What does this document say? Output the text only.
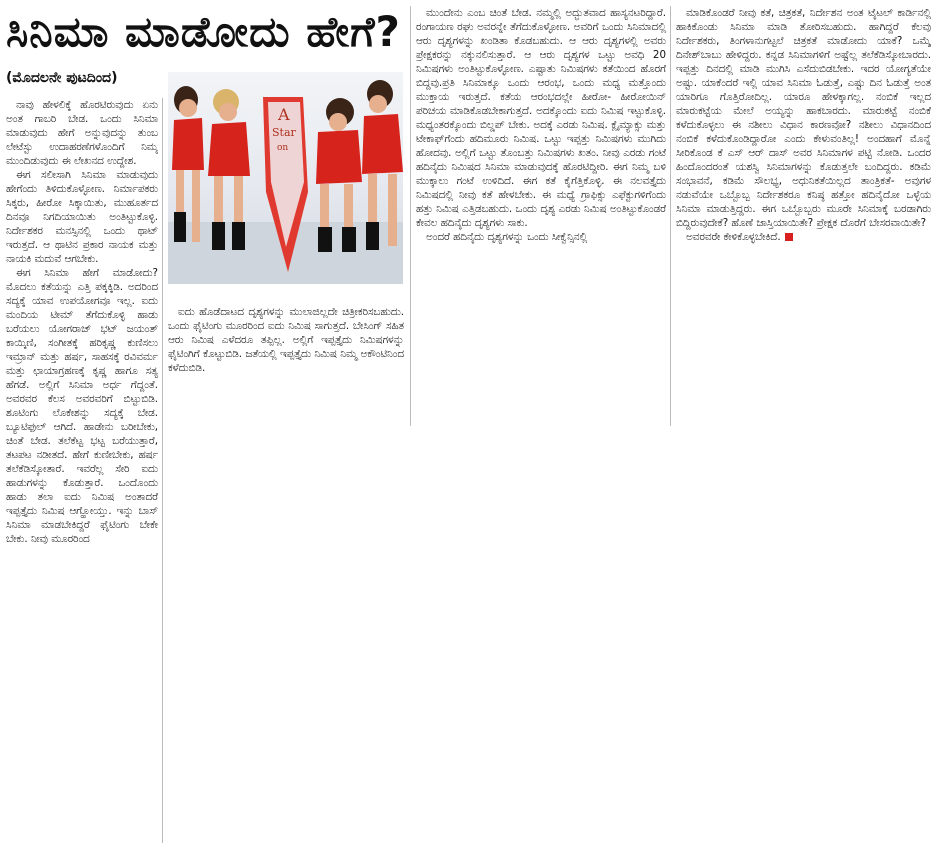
ಸಿನಿಮಾ ಮಾಡೋದು ಹೇಗೆ?
(ಮೊದಲನೇ ಪುಟದಿಂದ)

ನಾವು ಹೇಳಲಿಕ್ಕೆ ಹೊರಟಿರುವುದು ಏನು ಅಂತ ಗಾಬರಿ ಬೇಡ. ಒಂದು ಸಿನಿಮಾ ಮಾಡುವುದು ಹೇಗೆ ಅನ್ನುವುದನ್ನು ತುಂಬ ಲೇಟೆಸ್ಟು ಉದಾಹರಣೆಗಳೊಂದಿಗೆ ನಿಮ್ಮ ಮುಂದಿಡುವುದು ಈ ಲೇಖನದ ಉದ್ದೇಶ.

ಈಗ ಸಲೀಸಾಗಿ ಸಿನಿಮಾ ಮಾಡುವುದು ಹೇಗೆಂದು ತಿಳಿದುಕೊಳ್ಳೋಣ. ನಿರ್ಮಾಪಕರು ಸಿಕ್ಕರು, ಹೀರೋ ಸಿಕ್ಕಾಯಿತು, ಮುಹೂರ್ತದ ದಿನವೂ ನಿಗದಿಯಾಯಿತು ಅಂತಿಟ್ಟುಕೊಳ್ಳಿ. ನಿರ್ದೇಶಕರ ಮನಸ್ಸಿನಲ್ಲಿ ಒಂದು ಥಾಟ್ ಇರುತ್ತದೆ. ಆ ಥಾಟಿನ ಪ್ರಕಾರ ನಾಯಕ ಮತ್ತು ನಾಯಕಿ ಮದುವೆ ಆಗಬೇಕು.

ಈಗ ಸಿನಿಮಾ ಹೇಗೆ ಮಾಡೋದು? ಮೊದಲು ಕತೆಯನ್ನು ಎತ್ತಿ ಪಕ್ಕಕ್ಕಿಡಿ. ಅದರಿಂದ ಸದ್ಯಕ್ಕೆ ಯಾವ ಉಪಯೋಗವೂ ಇಲ್ಲ. ಐದು ಮಂದಿಯ ಟೀಮ್ ತೆಗೆದುಕೊಳ್ಳಿ ಹಾಡು ಬರೆಯಲು ಯೋಗರಾಜ್ ಭಟ್ ಜಯಂತ್ ಕಾಯ್ಕಿಣಿ, ಸಂಗೀತಕ್ಕೆ ಹರಿಕೃಷ್ಣ ಕುಣಿಸಲು ಇಮ್ರಾನ್ ಮತ್ತು ಹರ್ಷ, ಸಾಹಸಕ್ಕೆ ರವಿವರ್ಮ ಮತ್ತು ಛಾಯಾಗ್ರಹಣಕ್ಕೆ ಕೃಷ್ಣ ಹಾಗೂ ಸತ್ಯ ಹೆಗಡೆ. ಅಲ್ಲಿಗೆ ಸಿನಿಮಾ ಅರ್ಧ ಗೆದ್ದಂತೆ. ಅವರವರ ಕೆಲಸ ಅವರವರಿಗೆ ಬಿಟ್ಟುಬಿಡಿ. ಶೂಟಿಂಗು ಲೊಕೇಶನ್ನು ಸದ್ಯಕ್ಕೆ ಬೇಡ. ಬ್ಯೂಟಿಫುಲ್ ಆಗಿದೆ. ಹಾಡೇನು ಬರೀಬೇಕು, ಚಿಂತೆ ಬೇಡ. ತಲೆಕೆಟ್ಟ ಭಟ್ಟ ಬರೆಯುತ್ತಾರೆ, ತಟಪಟ ನಡೀತದೆ. ಹೇಗೆ ಕುಣೀಬೇಕು, ಹರ್ಷ ತಲೆಕೆಡಿಸ್ಕೋತಾರೆ. ಇವರೆಲ್ಲ ಸೇರಿ ಐದು ಹಾಡುಗಳನ್ನು ಕೊಡುತ್ತಾರೆ. ಒಂದೊಂದು ಹಾಡು ತಲಾ ಐದು ನಿಮಿಷ ಅಂತಾದರೆ ಇಪ್ಪತ್ತೈದು ನಿಮಿಷ ಆಗ್ಹೋಯ್ತು. ಇನ್ನು ಬಾಸ್ ಸಿನಿಮಾ ಮಾಡಬೇಕಿದ್ದರೆ ಫೈಟಿಂಗು ಬೇಕೇ ಬೇಕು. ನೀವು ಮೂರರಿಂದ

A
Star
on

ಐದು ಹೊಡೆದಾಟದ ದೃಶ್ಯಗಳನ್ನು ಮುಲಾಜಿಲ್ಲದೇ ಚಿತ್ರೀಕರಿಸಬಹುದು. ಒಂದು ಫೈಟಿಂಗು ಮೂರರಿಂದ ಐದು ನಿಮಿಷ ಸಾಗುತ್ತದೆ. ಬೇಸಿಂಗ್ ಸಹಿತ ಆರು ನಿಮಿಷ ಎಳೆದರೂ ತಪ್ಪಿಲ್ಲ. ಅಲ್ಲಿಗೆ ಇಪ್ಪತ್ತೈದು ನಿಮಿಷಗಳನ್ನು ಫೈಟಿಂಗಿಗೆ ಕೊಟ್ಟುಬಿಡಿ. ಜತೆಯಲ್ಲಿ ಇಪ್ಪತ್ತೈದು ನಿಮಿಷ ನಿಮ್ಮ ಅಕೌಂಟಿನಿಂದ ಕಳೆದುಬಿಡಿ.

ಮುಂದೇನು ಎಂಬ ಚಿಂತೆ ಬೇಡ. ನಮ್ಮಲ್ಲಿ ಅದ್ಭುತವಾದ ಹಾಸ್ಯನಟರಿದ್ದಾರೆ. ರಂಗಾಯಣ ರಘು ಅವರನ್ನೇ ತೆಗೆದುಕೊಳ್ಳೋಣ. ಅವರಿಗೆ ಒಂದು ಸಿನಿಮಾದಲ್ಲಿ ಆರು ದೃಶ್ಯಗಳನ್ನು ಖಂಡಿತಾ ಕೊಡಬಹುದು. ಆ ಆರು ದೃಶ್ಯಗಳಲ್ಲಿ ಅವರು ಪ್ರೇಕ್ಷಕರನ್ನು ನಕ್ಕುನಲಿಸುತ್ತಾರೆ. ಆ ಆರು ದೃಶ್ಯಗಳ ಒಟ್ಟು ಅವಧಿ 20 ನಿಮಿಷಗಳು ಅಂತಿಟ್ಟುಕೊಳ್ಳೋಣ. ಎಷ್ಟಾತು ನಿಮಿಷಗಳು ಕತೆಯಿಂದ ಹೊರಗೆ ಬಿದ್ದವು.ಪ್ರತಿ ಸಿನಿಮಾಕ್ಕೂ ಒಂದು ಆರಂಭ, ಒಂದು ಮಧ್ಯ ಮತ್ತೊಂದು ಮುಕ್ತಾಯ ಇರುತ್ತದೆ. ಕತೆಯ ಆರಂಭದಲ್ಲೇ ಹೀರೋ- ಹೀರೋಯಿನ್ ಪರಿಚಯ ಮಾಡಿಕೊಡಬೇಕಾಗುತ್ತದೆ. ಅದಕ್ಕೊಂದು ಐದು ನಿಮಿಷ ಇಟ್ಟುಕೊಳ್ಳಿ. ಮಧ್ಯಂತರಕ್ಕೊಂದು ಬಿಲ್ಡಪ್ ಬೇಕು. ಅದಕ್ಕೆ ಎರಡು ನಿಮಿಷ. ಕ್ಲೈಮ್ಯಾಕ್ಸು ಮತ್ತು ಟೇಕಾಫ್‌ಗೆಂದು ಹದಿಮೂರು ನಿಮಿಷ. ಒಟ್ಟು ಇಪ್ಪತ್ತು ನಿಮಿಷಗಳು ಮುಗಿದು ಹೋದವು. ಅಲ್ಲಿಗೆ ಒಟ್ಟು ತೊಂಬತ್ತು ನಿಮಿಷಗಳು ಖತಂ. ನೀವು ಎರಡು ಗಂಟೆ ಹದಿನೈದು ನಿಮಿಷದ ಸಿನಿಮಾ ಮಾಡುವುದಕ್ಕೆ ಹೊರಟಿದ್ದೀರಿ. ಈಗ ನಿಮ್ಮ ಬಳಿ ಮುಕ್ಕಾಲು ಗಂಟೆ ಉಳಿದಿದೆ. ಈಗ ಕತೆ ಕೈಗೆತ್ತಿಕೊಳ್ಳಿ. ಈ ನಲವತ್ತೈದು ನಿಮಿಷದಲ್ಲಿ ನೀವು ಕತೆ ಹೇಳಬೇಕು. ಈ ಮಧ್ಯೆ ಗ್ರಾಫಿಕ್ಸು ಎಫೆಕ್ಟುಗಳಿಗೆಂದು ಹತ್ತು ನಿಮಿಷ ಎತ್ತಿಡಬಹುದು. ಒಂದು ದೃಶ್ಯ ಎರಡು ನಿಮಿಷ ಅಂತಿಟ್ಟುಕೊಂಡರೆ ಕೇವಲ ಹದಿನೈದು ದೃಶ್ಯಗಳು ಸಾಕು.

ಅಂದರೆ ಹದಿನೈದು ದೃಶ್ಯಗಳನ್ನು ಒಂದು ಸೀಕ್ವೆನ್ಸಿನಲ್ಲಿ

ಮಾಡಿಕೊಂಡರೆ ನೀವು ಕತೆ, ಚಿತ್ರಕತೆ, ನಿರ್ದೇಶನ ಅಂತ ಟೈಟಲ್ ಕಾರ್ಡಿನಲ್ಲಿ ಹಾಕಿಕೊಂಡು ಸಿನಿಮಾ ಮಾಡಿ ತೋರಿಸಬಹುದು. ಹಾಗಿದ್ದರೆ ಕೆಲವು ನಿರ್ದೇಶಕರು, ತಿಂಗಳಾನುಗಟ್ಟಲೆ ಚಿತ್ರಕತೆ ಮಾಡೋದು ಯಾಕೆ? ಒಮ್ಮೆ ದಿನೇಶ್‌ಬಾಬು ಹೇಳಿದ್ದರು. ಕನ್ನಡ ಸಿನಿಮಾಗಳಿಗೆ ಅಷ್ಟೆಲ್ಲ ತಲೆಕೆಡಿಸ್ಕೋಬಾರದು. ಇಪ್ಪತ್ತು ದಿನದಲ್ಲಿ ಮಾಡಿ ಮುಗಿಸಿ ಎಸೆದುಬಿಡಬೇಕು. ಇದರ ಯೋಗ್ಯತೆಯೇ ಅಷ್ಟು. ಯಾಕೆಂದರೆ ಇಲ್ಲಿ ಯಾವ ಸಿನಿಮಾ ಓಡುತ್ತೆ, ಎಷ್ಟು ದಿನ ಓಡುತ್ತೆ ಅಂತ ಯಾರಿಗೂ ಗೊತ್ತಿರೋದಿಲ್ಲ. ಯಾರೂ ಹೇಳಕ್ಕಾಗಲ್ಲ. ನಂಬಿಕೆ ಇಲ್ಲದ ಮಾರುಕಟ್ಟೆಯ ಮೇಲೆ ಅಯ್ಯನ್ನು ಹಾಕಬಾರದು. ಮಾರುಕಟ್ಟೆ ನಂಬಿಕೆ ಕಳೆದುಕೊಳ್ಳಲು ಈ ನಶೀಲು ವಿಧಾನ ಕಾರಣವೋ? ನಶೀಲು ವಿಧಾನದಿಂದ ನಂಬಿಕೆ ಕಳೆದುಕೊಂಡಿದ್ದಾರೋ ಎಂದು ಕೇಳುವಂತಿಲ್ಲ! ಅಂದಹಾಗೆ ಮೊನ್ನೆ ಸೀರಿಕೊಂಡ ಕೆ ಎಸ್ ಆರ್ ದಾಸ್ ಅವರ ಸಿನಿಮಾಗಳ ಪಟ್ಟಿ ನೋಡಿ. ಒಂದರ ಹಿಂದೊಂದರಂತೆ ಯಶಸ್ವಿ ಸಿನಿಮಾಗಳನ್ನು ಕೊಡುತ್ತಲೇ ಬಂದಿದ್ದರು. ಕಡಿಮೆ ಸಂಭಾವನೆ, ಕಡಿಮೆ ಸೌಲಭ್ಯ, ಅಧುನಿಕತೆಯಿಲ್ಲದ ತಾಂತ್ರಿಕತೆ- ಅವುಗಳ ನಡುವೆಯೇ ಒಬ್ಬೊಬ್ಬ ನಿರ್ದೇಶಕರೂ ಕನಿಷ್ಠ ಹತ್ತೋ ಹದಿನೈದೋ ಒಳ್ಳೆಯ ಸಿನಿಮಾ ಮಾಡುತ್ತಿದ್ದರು. ಈಗ ಒಬ್ಬೊಬ್ಬರು ಮೂರೇ ಸಿನಿಮಾಕ್ಕೆ ಬರಡಾಗಿರು ಬಿದ್ದಿರುವುದೇಕೆ? ಹೊಣೆ ಜಾಸ್ತಿಯಾಯಿತೇ? ಪ್ರೇಕ್ಷಕ ದೊರೆಗೆ ಬೇಸರವಾಯಿತೇ?

ಅವರವರೇ ಕೇಳಿಕೊಳ್ಳಬೇಕಿದೆ.
